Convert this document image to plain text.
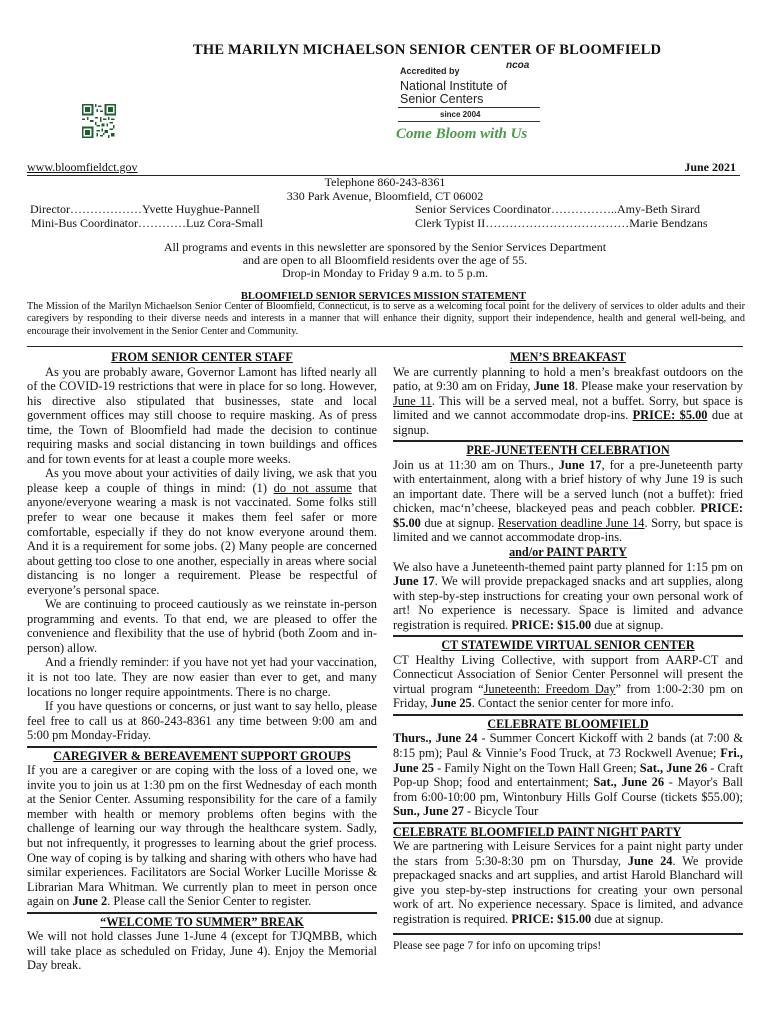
THE MARILYN MICHAELSON SENIOR CENTER OF BLOOMFIELD
ncoa
Accredited by
National Institute of
Senior Centers
since 2004
Come Bloom with Us
www.bloomfieldct.gov	June 2021
Telephone 860-243-8361
330 Park Avenue, Bloomfield, CT 06002
Director………………Yvette Huyghue-Pannell	Senior Services Coordinator……………..Amy-Beth Sirard
Mini-Bus Coordinator…………Luz Cora-Small	Clerk Typist II………………………………Marie Bendzans
All programs and events in this newsletter are sponsored by the Senior Services Department
and are open to all Bloomfield residents over the age of 55.
Drop-in Monday to Friday 9 a.m. to 5 p.m.
BLOOMFIELD SENIOR SERVICES MISSION STATEMENT
The Mission of the Marilyn Michaelson Senior Center of Bloomfield, Connecticut, is to serve as a welcoming focal point for the delivery of services to older adults and their caregivers by responding to their diverse needs and interests in a manner that will enhance their dignity, support their independence, health and general well-being, and encourage their involvement in the Senior Center and Community.
FROM SENIOR CENTER STAFF

As you are probably aware, Governor Lamont has lifted nearly all of the COVID-19 restrictions that were in place for so long. However, his directive also stipulated that businesses, state and local government offices may still choose to require masking. As of press time, the Town of Bloomfield had made the decision to continue requiring masks and social distancing in town buildings and offices and for town events for at least a couple more weeks.

As you move about your activities of daily living, we ask that you please keep a couple of things in mind: (1) do not assume that anyone/everyone wearing a mask is not vaccinated. Some folks still prefer to wear one because it makes them feel safer or more comfortable, especially if they do not know everyone around them. And it is a requirement for some jobs. (2) Many people are concerned about getting too close to one another, especially in areas where social distancing is no longer a requirement. Please be respectful of everyone’s personal space.

We are continuing to proceed cautiously as we reinstate in-person programming and events. To that end, we are pleased to offer the convenience and flexibility that the use of hybrid (both Zoom and in-person) allow.

And a friendly reminder: if you have not yet had your vaccination, it is not too late. They are now easier than ever to get, and many locations no longer require appointments. There is no charge.

If you have questions or concerns, or just want to say hello, please feel free to call us at 860-243-8361 any time between 9:00 am and 5:00 pm Monday-Friday.

CAREGIVER & BEREAVEMENT SUPPORT GROUPS

If you are a caregiver or are coping with the loss of a loved one, we invite you to join us at 1:30 pm on the first Wednesday of each month at the Senior Center. Assuming responsibility for the care of a family member with health or memory problems often begins with the challenge of learning our way through the healthcare system. Sadly, but not infrequently, it progresses to learning about the grief process. One way of coping is by talking and sharing with others who have had similar experiences. Facilitators are Social Worker Lucille Morisse & Librarian Mara Whitman. We currently plan to meet in person once again on June 2. Please call the Senior Center to register.

“WELCOME TO SUMMER” BREAK

We will not hold classes June 1-June 4 (except for TJQMBB, which will take place as scheduled on Friday, June 4). Enjoy the Memorial Day break.

MEN’S BREAKFAST

We are currently planning to hold a men’s breakfast outdoors on the patio, at 9:30 am on Friday, June 18. Please make your reservation by June 11. This will be a served meal, not a buffet. Sorry, but space is limited and we cannot accommodate drop-ins. PRICE: $5.00 due at signup.

PRE-JUNETEENTH CELEBRATION

Join us at 11:30 am on Thurs., June 17, for a pre-Juneteenth party with entertainment, along with a brief history of why June 19 is such an important date. There will be a served lunch (not a buffet): fried chicken, mac‘n’cheese, blackeyed peas and peach cobbler. PRICE: $5.00 due at signup. Reservation deadline June 14. Sorry, but space is limited and we cannot accommodate drop-ins.

and/or PAINT PARTY

We also have a Juneteenth-themed paint party planned for 1:15 pm on June 17. We will provide prepackaged snacks and art supplies, along with step-by-step instructions for creating your own personal work of art! No experience is necessary. Space is limited and advance registration is required. PRICE: $15.00 due at signup.

CT STATEWIDE VIRTUAL SENIOR CENTER

CT Healthy Living Collective, with support from AARP-CT and Connecticut Association of Senior Center Personnel will present the virtual program “Juneteenth: Freedom Day” from 1:00-2:30 pm on Friday, June 25. Contact the senior center for more info.

CELEBRATE BLOOMFIELD

Thurs., June 24 - Summer Concert Kickoff with 2 bands (at 7:00 & 8:15 pm); Paul & Vinnie’s Food Truck, at 73 Rockwell Avenue; Fri., June 25 - Family Night on the Town Hall Green; Sat., June 26 - Craft Pop-up Shop; food and entertainment; Sat., June 26 - Mayor's Ball from 6:00-10:00 pm, Wintonbury Hills Golf Course (tickets $55.00); Sun., June 27 - Bicycle Tour

CELEBRATE BLOOMFIELD PAINT NIGHT PARTY

We are partnering with Leisure Services for a paint night party under the stars from 5:30-8:30 pm on Thursday, June 24. We provide prepackaged snacks and art supplies, and artist Harold Blanchard will give you step-by-step instructions for creating your own personal work of art. No experience necessary. Space is limited, and advance registration is required. PRICE: $15.00 due at signup.

Please see page 7 for info on upcoming trips!
